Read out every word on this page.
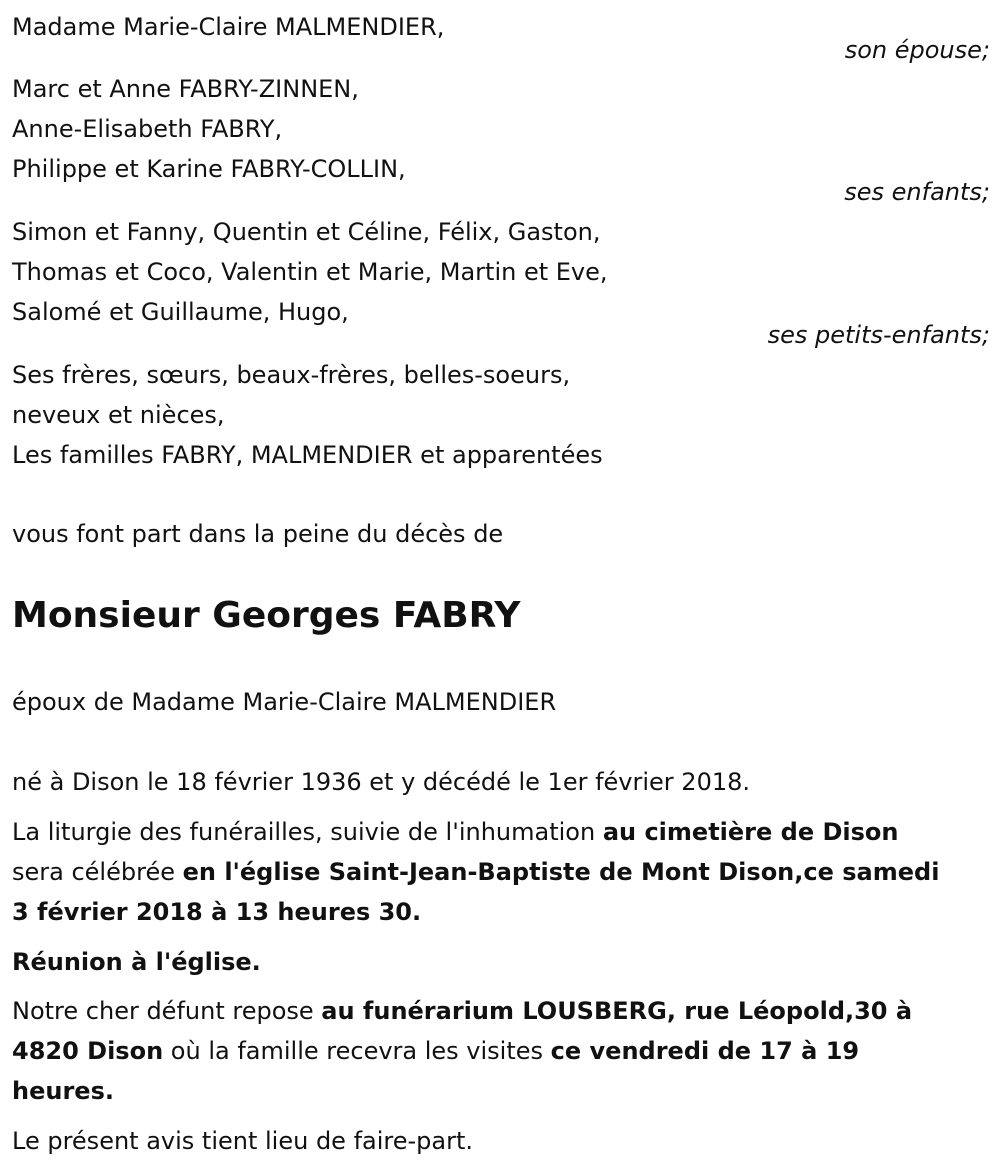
Madame Marie-Claire MALMENDIER,
son épouse;
Marc et Anne FABRY-ZINNEN,
Anne-Elisabeth FABRY,
Philippe et Karine FABRY-COLLIN,
ses enfants;
Simon et Fanny, Quentin et Céline, Félix, Gaston,
Thomas et Coco, Valentin et Marie, Martin et Eve,
Salomé et Guillaume, Hugo,
ses petits-enfants;
Ses frères, sœurs, beaux-frères, belles-soeurs,
neveux et nièces,
Les familles FABRY, MALMENDIER et apparentées
vous font part dans la peine du décès de
Monsieur Georges FABRY
époux de Madame Marie-Claire MALMENDIER
né à Dison le 18 février 1936 et y décédé le 1er février 2018.
La liturgie des funérailles, suivie de l'inhumation au cimetière de Dison
sera célébrée en l'église Saint-Jean-Baptiste de Mont Dison,ce samedi
3 février 2018 à 13 heures 30.
Réunion à l'église.
Notre cher défunt repose au funérarium LOUSBERG, rue Léopold,30 à
4820 Dison où la famille recevra les visites ce vendredi de 17 à 19
heures.
Le présent avis tient lieu de faire-part.
